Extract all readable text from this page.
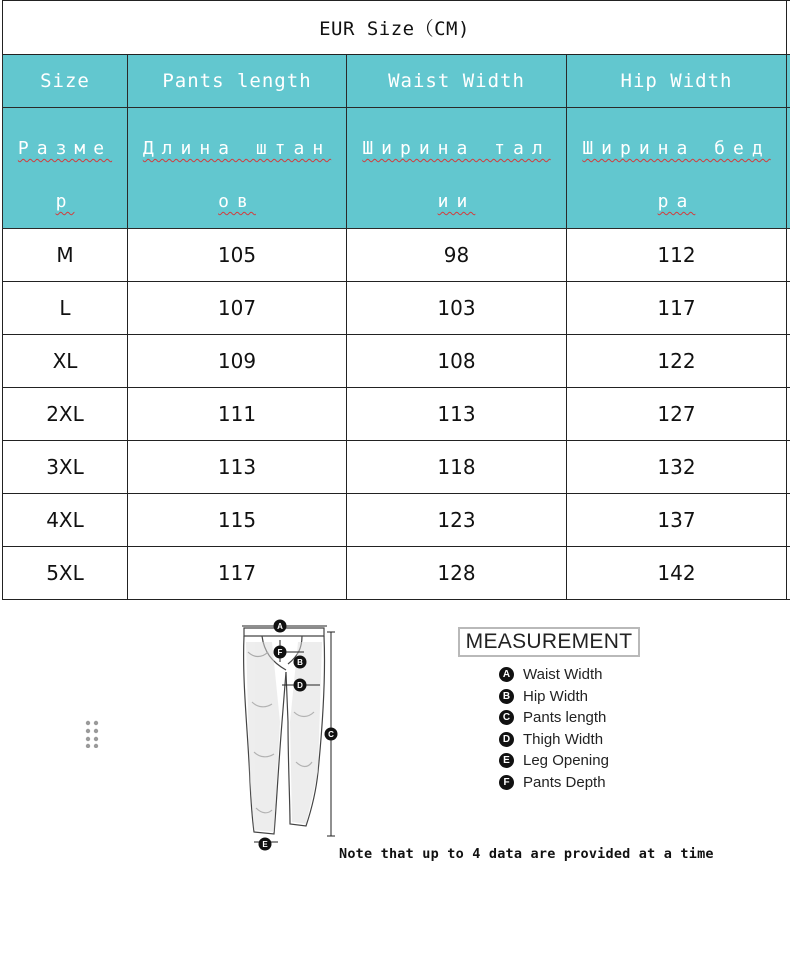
EUR Size（CM)				
Size	Pants length	Waist Width	Hip Width	

Размер	Длина штанов	Ширина талии	Ширина бедра	

M	105	98	112	
L	107	103	117	
XL	109	108	122	
2XL	111	113	127	
3XL	113	118	132	
4XL	115	123	137	
5XL	117	128	142	
A
F
B
D
C
E
MEASUREMENT
A Waist Width
B Hip Width
C Pants length
D Thigh Width
E Leg Opening
F Pants Depth
Note that up to 4 data are provided at a time
